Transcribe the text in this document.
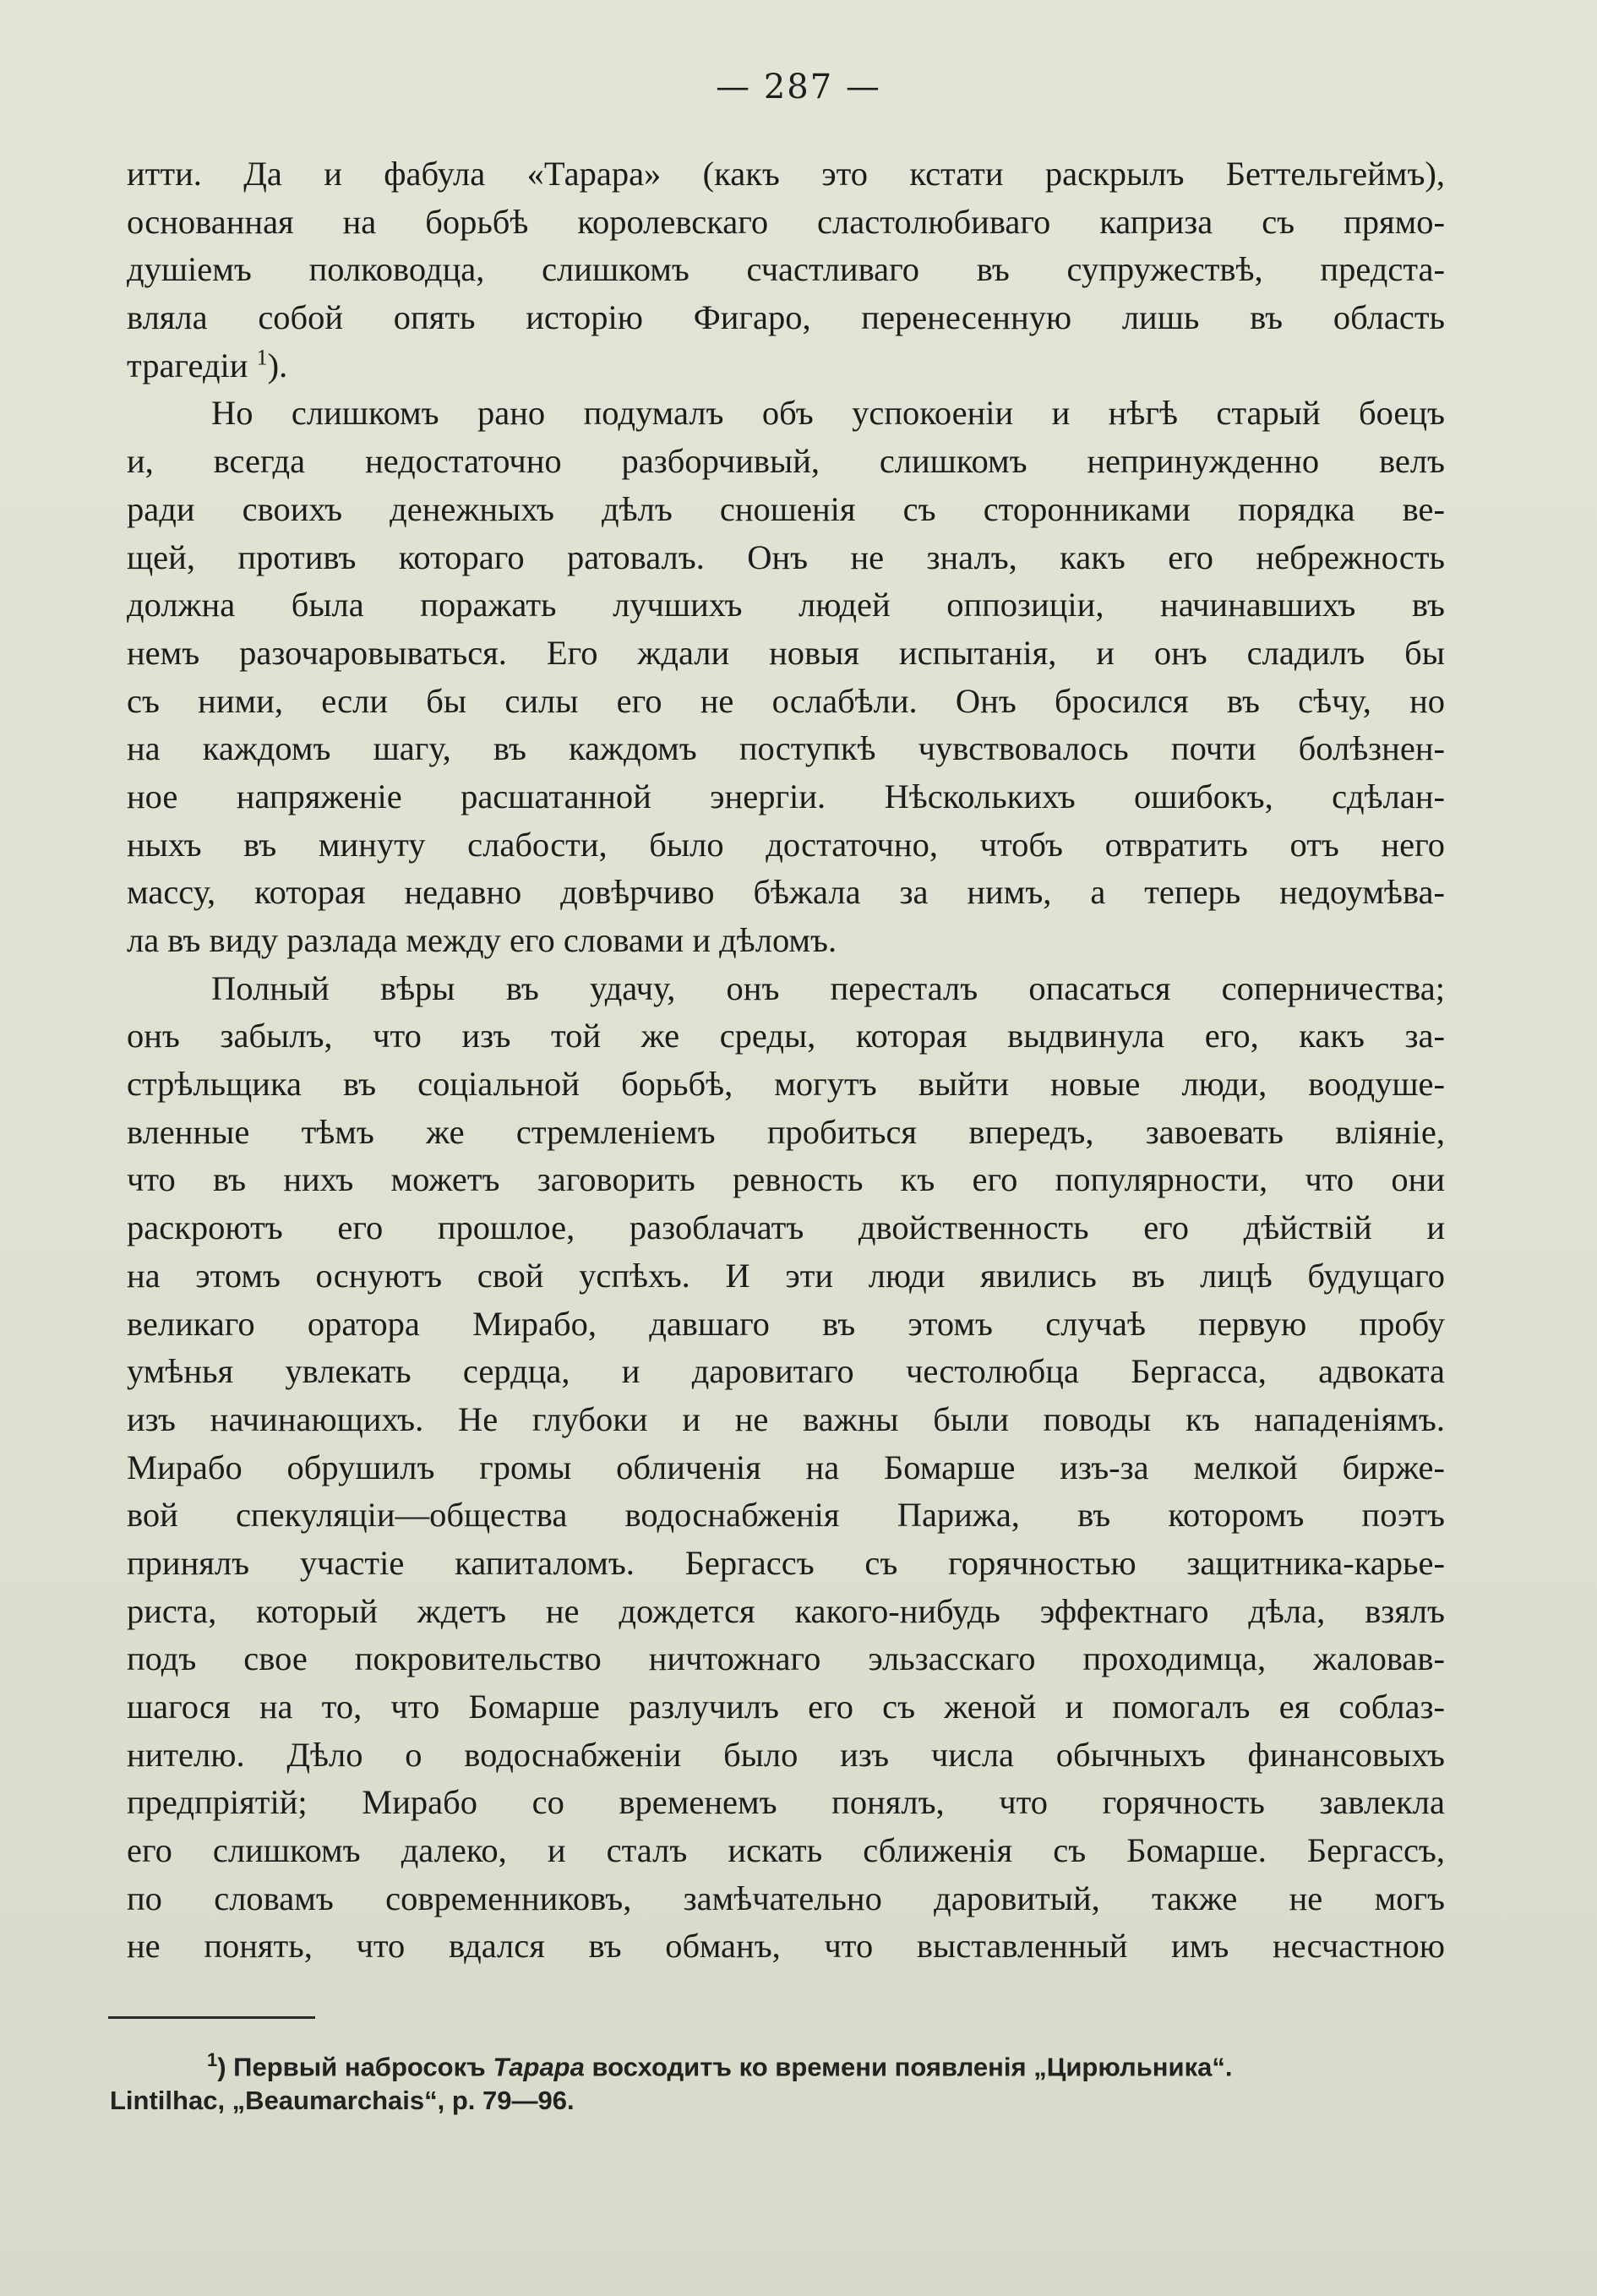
— 287 —
итти. Да и фабула «Тарара» (какъ это кстати раскрылъ Беттельгеймъ),
основанная на борьбѣ королевскаго сластолюбиваго каприза съ прямо-
душіемъ полководца, слишкомъ счастливаго въ супружествѣ, предста-
вляла собой опять исторію Фигаро, перенесенную лишь въ область
трагедіи $^1$).
Но слишкомъ рано подумалъ объ успокоеніи и нѣгѣ старый боецъ
и, всегда недостаточно разборчивый, слишкомъ непринужденно велъ
ради своихъ денежныхъ дѣлъ сношенія съ сторонниками порядка ве-
щей, противъ котораго ратовалъ. Онъ не зналъ, какъ его небрежность
должна была поражать лучшихъ людей оппозиціи, начинавшихъ въ
немъ разочаровываться. Его ждали новыя испытанія, и онъ сладилъ бы
съ ними, если бы силы его не ослабѣли. Онъ бросился въ сѣчу, но
на каждомъ шагу, въ каждомъ поступкѣ чувствовалось почти болѣзнен-
ное напряженіе расшатанной энергіи. Нѣсколькихъ ошибокъ, сдѣлан-
ныхъ въ минуту слабости, было достаточно, чтобъ отвратить отъ него
массу, которая недавно довѣрчиво бѣжала за нимъ, а теперь недоумѣва-
ла въ виду разлада между его словами и дѣломъ.
Полный вѣры въ удачу, онъ пересталъ опасаться соперничества;
онъ забылъ, что изъ той же среды, которая выдвинула его, какъ за-
стрѣльщика въ соціальной борьбѣ, могутъ выйти новые люди, воодуше-
вленные тѣмъ же стремленіемъ пробиться впередъ, завоевать вліяніе,
что въ нихъ можетъ заговорить ревность къ его популярности, что они
раскроютъ его прошлое, разоблачатъ двойственность его дѣйствій и
на этомъ оснуютъ свой успѣхъ. И эти люди явились въ лицѣ будущаго
великаго оратора Мирабо, давшаго въ этомъ случаѣ первую пробу
умѣнья увлекать сердца, и даровитаго честолюбца Бергасса, адвоката
изъ начинающихъ. Не глубоки и не важны были поводы къ нападеніямъ.
Мирабо обрушилъ громы обличенія на Бомарше изъ-за мелкой бирже-
вой спекуляціи—общества водоснабженія Парижа, въ которомъ поэтъ
принялъ участіе капиталомъ. Бергассъ съ горячностью защитника-карье-
риста, который ждетъ не дождется какого-нибудь эффектнаго дѣла, взялъ
подъ свое покровительство ничтожнаго эльзасскаго проходимца, жаловав-
шагося на то, что Бомарше разлучилъ его съ женой и помогалъ ея соблаз-
нителю. Дѣло о водоснабженіи было изъ числа обычныхъ финансовыхъ
предпріятій; Мирабо со временемъ понялъ, что горячность завлекла
его слишкомъ далеко, и сталъ искать сближенія съ Бомарше. Бергассъ,
по словамъ современниковъ, замѣчательно даровитый, также не могъ
не понять, что вдался въ обманъ, что выставленный имъ несчастною
$^1$) Первый набросокъ Тарара восходитъ ко времени появленія „Цирюльника“.
Lintilhac, „Beaumarchais“, p. 79—96.
